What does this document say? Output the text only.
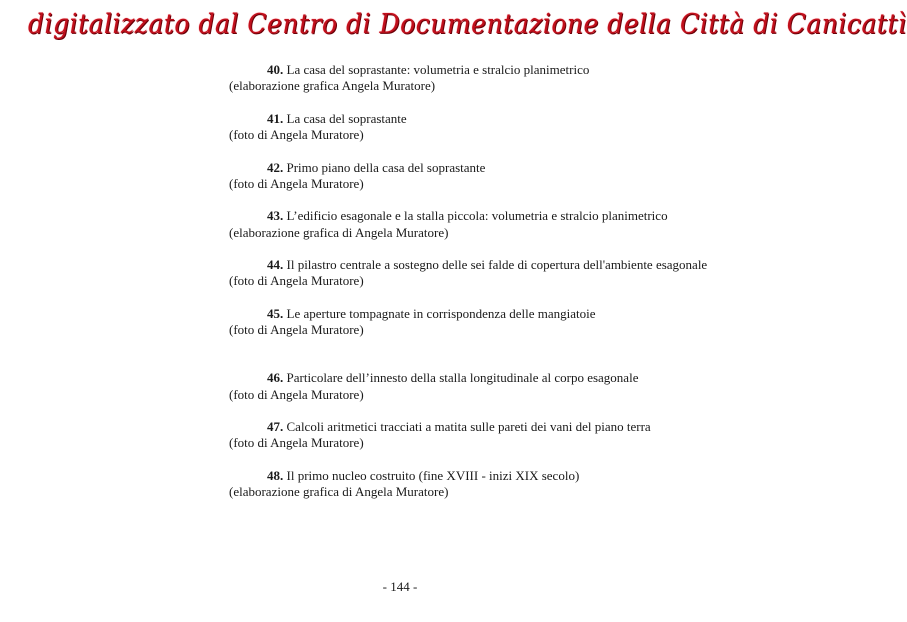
digitalizzato dal Centro di Documentazione della Città di Canicattì
40. La casa del soprastante: volumetria e stralcio planimetrico
(elaborazione grafica Angela Muratore)
41. La casa del soprastante
(foto di Angela Muratore)
42. Primo piano della casa del soprastante
(foto di Angela Muratore)
43. L’edificio esagonale e la stalla piccola: volumetria e stralcio planimetrico
(elaborazione grafica di Angela Muratore)
44. Il pilastro centrale a sostegno delle sei falde di copertura dell'ambiente esagonale
(foto di Angela Muratore)
45. Le aperture tompagnate in corrispondenza delle mangiatoie
(foto di Angela Muratore)
46. Particolare dell’innesto della stalla longitudinale al corpo esagonale
(foto di Angela Muratore)
47. Calcoli aritmetici tracciati a matita sulle pareti dei vani del piano terra
(foto di Angela Muratore)
48. Il primo nucleo costruito (fine XVIII - inizi XIX secolo)
(elaborazione grafica di Angela Muratore)
- 144 -
